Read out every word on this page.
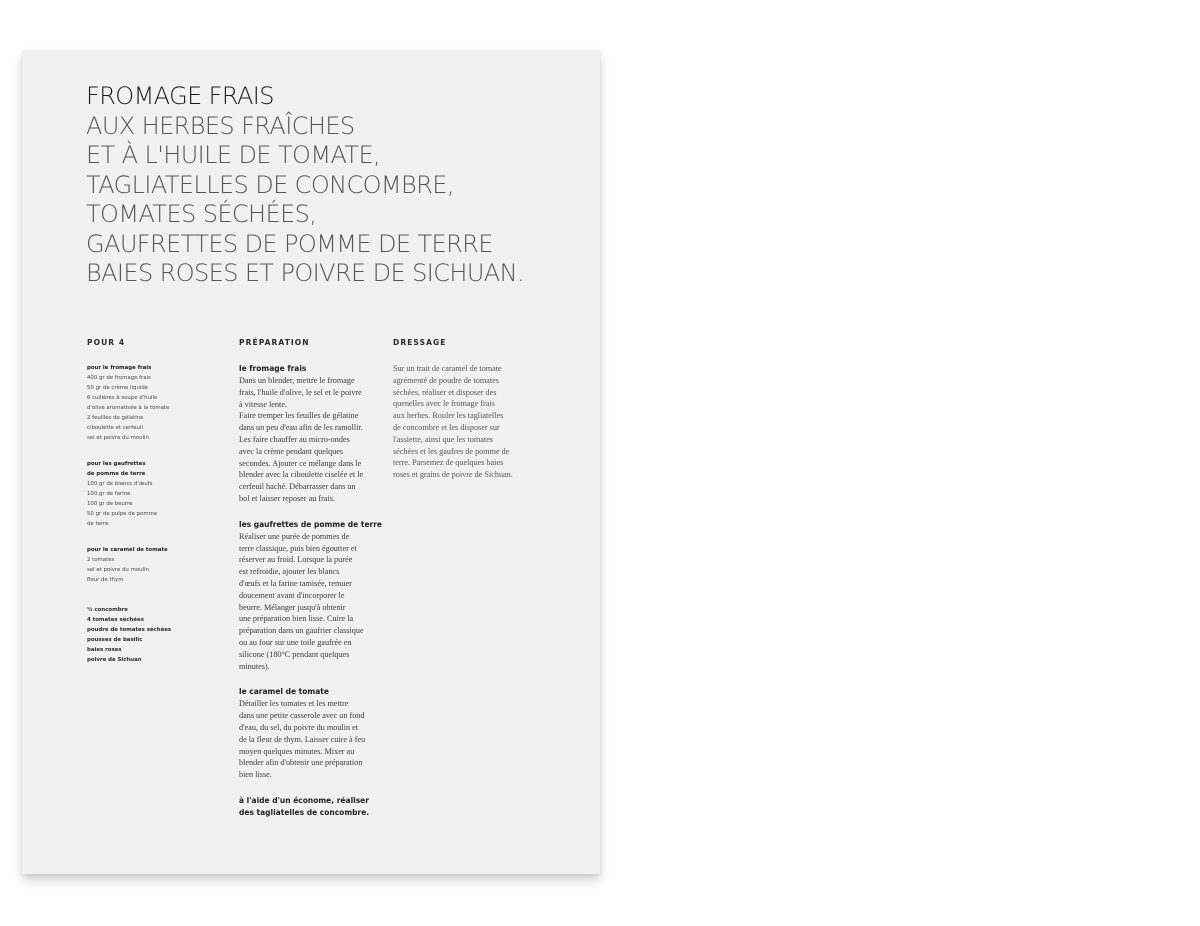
FROMAGE FRAIS
AUX HERBES FRAÎCHES
ET À L'HUILE DE TOMATE,
TAGLIATELLES DE CONCOMBRE,
TOMATES SÉCHÉES,
GAUFRETTES DE POMME DE TERRE
BAIES ROSES ET POIVRE DE SICHUAN.
POUR 4
pour le fromage frais
400 gr de fromage frais
50 gr de crème liquide
6 cuillères à soupe d'huile
d'olive aromatisée à la tomate
2 feuilles de gélatine
ciboulette et cerfeuil
sel et poivre du moulin
pour les gaufrettes
de pomme de terre
100 gr de blancs d'œufs
100 gr de farine
100 gr de beurre
50 gr de pulpe de pomme
de terre
pour le caramel de tomate
2 tomates
sel et poivre du moulin
fleur de thym
½ concombre
4 tomates séchées
poudre de tomates séchées
pousses de basilic
baies roses
poivre de Sichuan
PRÉPARATION
le fromage frais
Dans un blender, mettre le fromage
frais, l'huile d'olive, le sel et le poivre
à vitesse lente.
Faire tremper les feuilles de gélatine
dans un peu d'eau afin de les ramollir.
Les faire chauffer au micro-ondes
avec la crème pendant quelques
secondes. Ajouter ce mélange dans le
blender avec la ciboulette ciselée et le
cerfeuil haché. Débarrasser dans un
bol et laisser reposer au frais.
les gaufrettes de pomme de terre
Réaliser une purée de pommes de
terre classique, puis bien égoutter et
réserver au froid. Lorsque la purée
est refroidie, ajouter les blancs
d'œufs et la farine tamisée, remuer
doucement avant d'incorporer le
beurre. Mélanger jusqu'à obtenir
une préparation bien lisse. Cuire la
préparation dans un gaufrier classique
ou au four sur une toile gaufrée en
silicone (180°C pendant quelques
minutes).
le caramel de tomate
Détailler les tomates et les mettre
dans une petite casserole avec un fond
d'eau, du sel, du poivre du moulin et
de la fleur de thym. Laisser cuire à feu
moyen quelques minutes. Mixer au
blender afin d'obtenir une préparation
bien lisse.
à l'aide d'un économe, réaliser
des tagliatelles de concombre.
DRESSAGE
Sur un trait de caramel de tomate
agrémenté de poudre de tomates
séchées, réaliser et disposer des
quenelles avec le fromage frais
aux herbes. Rouler les tagliatelles
de concombre et les disposer sur
l'assiette, ainsi que les tomates
séchées et les gaufres de pomme de
terre. Parsemez de quelques baies
roses et grains de poivre de Sichuan.
